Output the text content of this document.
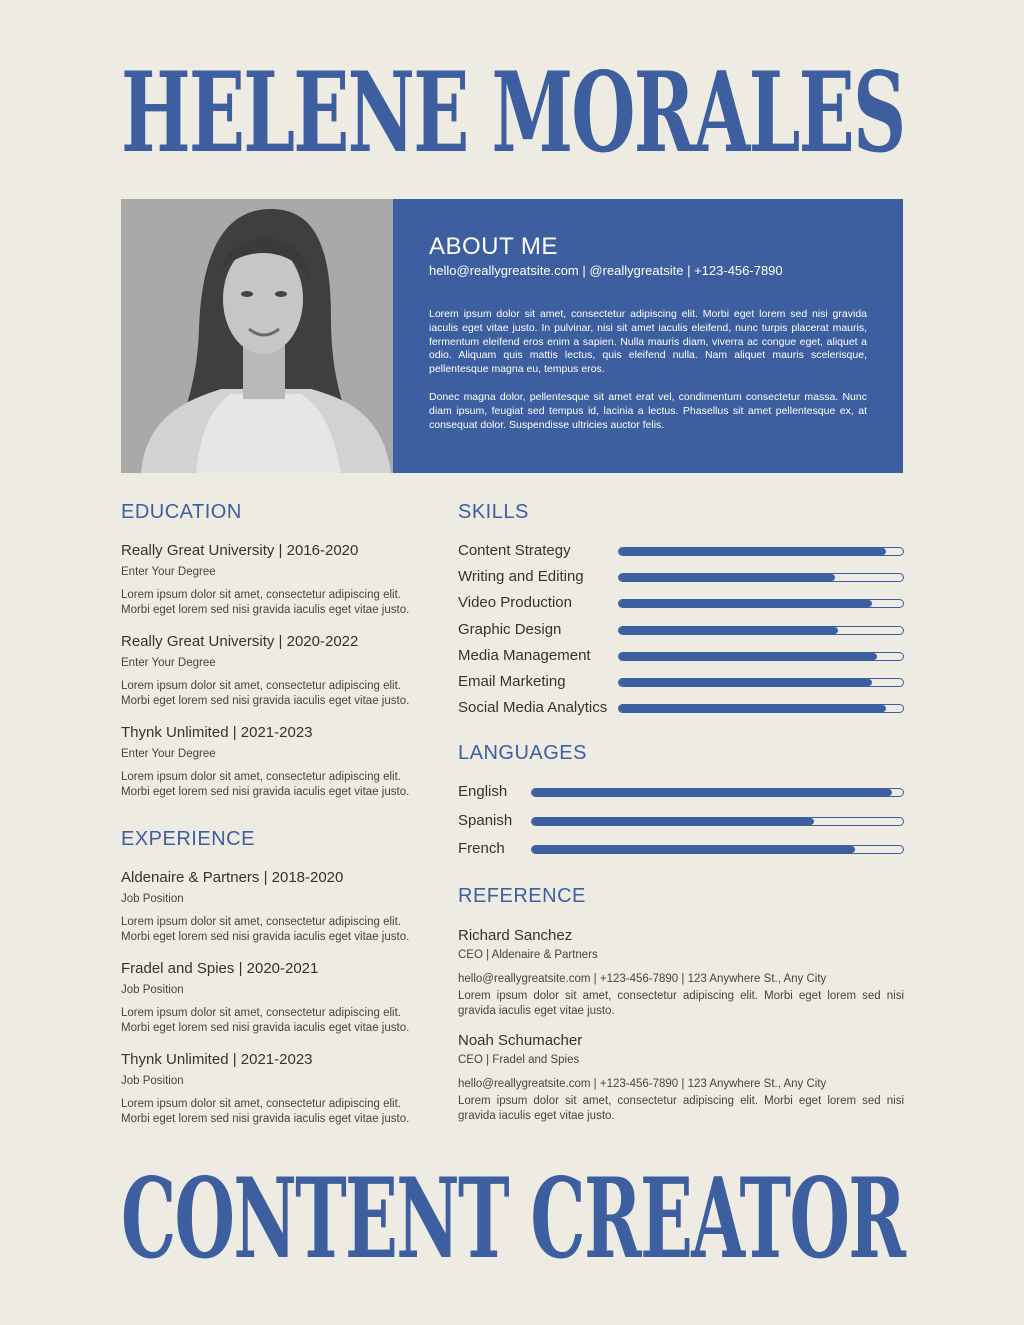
HELENE MORALES
ABOUT ME
hello@reallygreatsite.com | @reallygreatsite | +123-456-7890

Lorem ipsum dolor sit amet, consectetur adipiscing elit. Morbi eget lorem sed nisi gravida iaculis eget vitae justo. In pulvinar, nisi sit amet iaculis eleifend, nunc turpis placerat mauris, fermentum eleifend eros enim a sapien. Nulla mauris diam, viverra ac congue eget, aliquet a odio. Aliquam quis mattis lectus, quis eleifend nulla. Nam aliquet mauris scelerisque, pellentesque magna eu, tempus eros.

Donec magna dolor, pellentesque sit amet erat vel, condimentum consectetur massa. Nunc diam ipsum, feugiat sed tempus id, lacinia a lectus. Phasellus sit amet pellentesque ex, at consequat dolor. Suspendisse ultricies auctor felis.

EDUCATION
Really Great University | 2016-2020
Enter Your Degree
Lorem ipsum dolor sit amet, consectetur adipiscing elit. Morbi eget lorem sed nisi gravida iaculis eget vitae justo.
Really Great University | 2020-2022
Enter Your Degree
Lorem ipsum dolor sit amet, consectetur adipiscing elit. Morbi eget lorem sed nisi gravida iaculis eget vitae justo.
Thynk Unlimited | 2021-2023
Enter Your Degree
Lorem ipsum dolor sit amet, consectetur adipiscing elit. Morbi eget lorem sed nisi gravida iaculis eget vitae justo.
EXPERIENCE
Aldenaire & Partners | 2018-2020
Job Position
Lorem ipsum dolor sit amet, consectetur adipiscing elit. Morbi eget lorem sed nisi gravida iaculis eget vitae justo.
Fradel and Spies | 2020-2021
Job Position
Lorem ipsum dolor sit amet, consectetur adipiscing elit. Morbi eget lorem sed nisi gravida iaculis eget vitae justo.
Thynk Unlimited | 2021-2023
Job Position
Lorem ipsum dolor sit amet, consectetur adipiscing elit. Morbi eget lorem sed nisi gravida iaculis eget vitae justo.
SKILLS
Content Strategy
Writing and Editing
Video Production
Graphic Design
Media Management
Email Marketing
Social Media Analytics
LANGUAGES
English
Spanish
French
REFERENCE
Richard Sanchez
CEO | Aldenaire & Partners
hello@reallygreatsite.com | +123-456-7890 | 123 Anywhere St., Any City
Lorem ipsum dolor sit amet, consectetur adipiscing elit. Morbi eget lorem sed nisi gravida iaculis eget vitae justo.
Noah Schumacher
CEO | Fradel and Spies
hello@reallygreatsite.com | +123-456-7890 | 123 Anywhere St., Any City
Lorem ipsum dolor sit amet, consectetur adipiscing elit. Morbi eget lorem sed nisi gravida iaculis eget vitae justo.
CONTENT CREATOR
